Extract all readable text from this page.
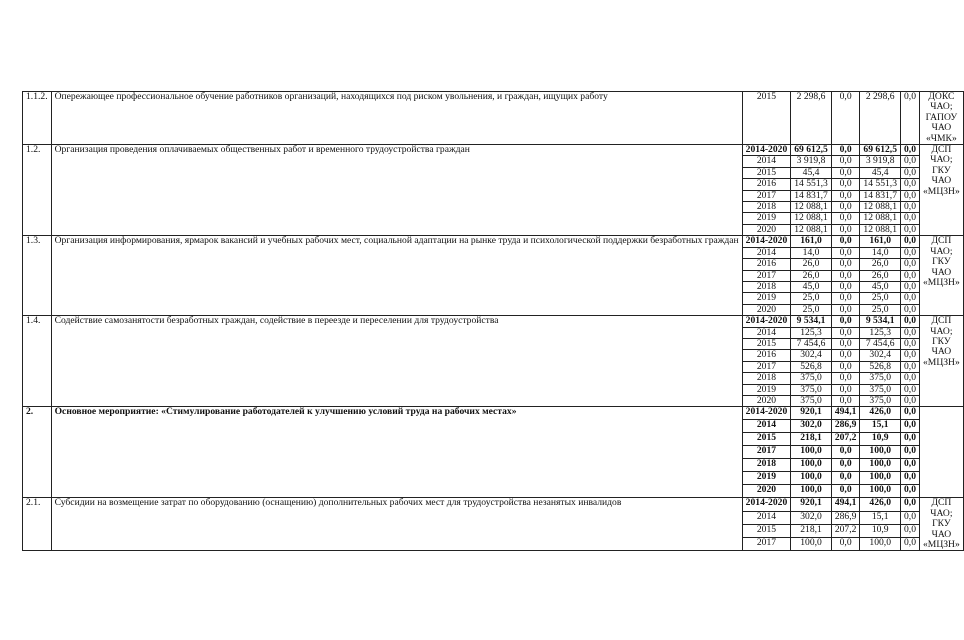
1.1.2.	Опережающее профессиональное обучение работников организаций, находящихся под риском увольнения, и граждан, ищущих работу	2015	2 298,6	0,0	2 298,6	0,0	ДОКС ЧАО;
ГАПОУ ЧАО «ЧМК»
1.2.	Организация проведения оплачиваемых общественных работ и временного трудоустройства граждан	2014-2020	69 612,5	0,0	69 612,5	0,0	ДСП ЧАО;
ГКУ ЧАО «МЦЗН»
		2014	3 919,8	0,0	3 919,8	0,0	
		2015	45,4	0,0	45,4	0,0	
		2016	14 551,3	0,0	14 551,3	0,0	
		2017	14 831,7	0,0	14 831,7	0,0	
		2018	12 088,1	0,0	12 088,1	0,0	
		2019	12 088,1	0,0	12 088,1	0,0	
		2020	12 088,1	0,0	12 088,1	0,0	
1.3.	Организация информирования, ярмарок вакансий и учебных рабочих мест, социальной адаптации на рынке труда и психологической поддержки безработных граждан	2014-2020	161,0	0,0	161,0	0,0	ДСП ЧАО;
ГКУ ЧАО «МЦЗН»
		2014	14,0	0,0	14,0	0,0	
		2016	26,0	0,0	26,0	0,0	
		2017	26,0	0,0	26,0	0,0	
		2018	45,0	0,0	45,0	0,0	
		2019	25,0	0,0	25,0	0,0	
		2020	25,0	0,0	25,0	0,0	
1.4.	Содействие самозанятости безработных граждан, содействие в переезде и переселении для трудоустройства	2014-2020	9 534,1	0,0	9 534,1	0,0	ДСП ЧАО;
ГКУ ЧАО «МЦЗН»
		2014	125,3	0,0	125,3	0,0	
		2015	7 454,6	0,0	7 454,6	0,0	
		2016	302,4	0,0	302,4	0,0	
		2017	526,8	0,0	526,8	0,0	
		2018	375,0	0,0	375,0	0,0	
		2019	375,0	0,0	375,0	0,0	
		2020	375,0	0,0	375,0	0,0	
2.	Основное мероприятие: «Стимулирование работодателей к улучшению условий труда на рабочих местах»	2014-2020	920,1	494,1	426,0	0,0	
		2014	302,0	286,9	15,1	0,0	
		2015	218,1	207,2	10,9	0,0	
		2017	100,0	0,0	100,0	0,0	
		2018	100,0	0,0	100,0	0,0	
		2019	100,0	0,0	100,0	0,0	
		2020	100,0	0,0	100,0	0,0	
2.1.	Субсидии на возмещение затрат по оборудованию (оснащению) дополнительных рабочих мест для трудоустройства незанятых инвалидов	2014-2020	920,1	494,1	426,0	0,0	ДСП ЧАО;
ГКУ ЧАО «МЦЗН»
		2014	302,0	286,9	15,1	0,0	
		2015	218,1	207,2	10,9	0,0	
		2017	100,0	0,0	100,0	0,0	
